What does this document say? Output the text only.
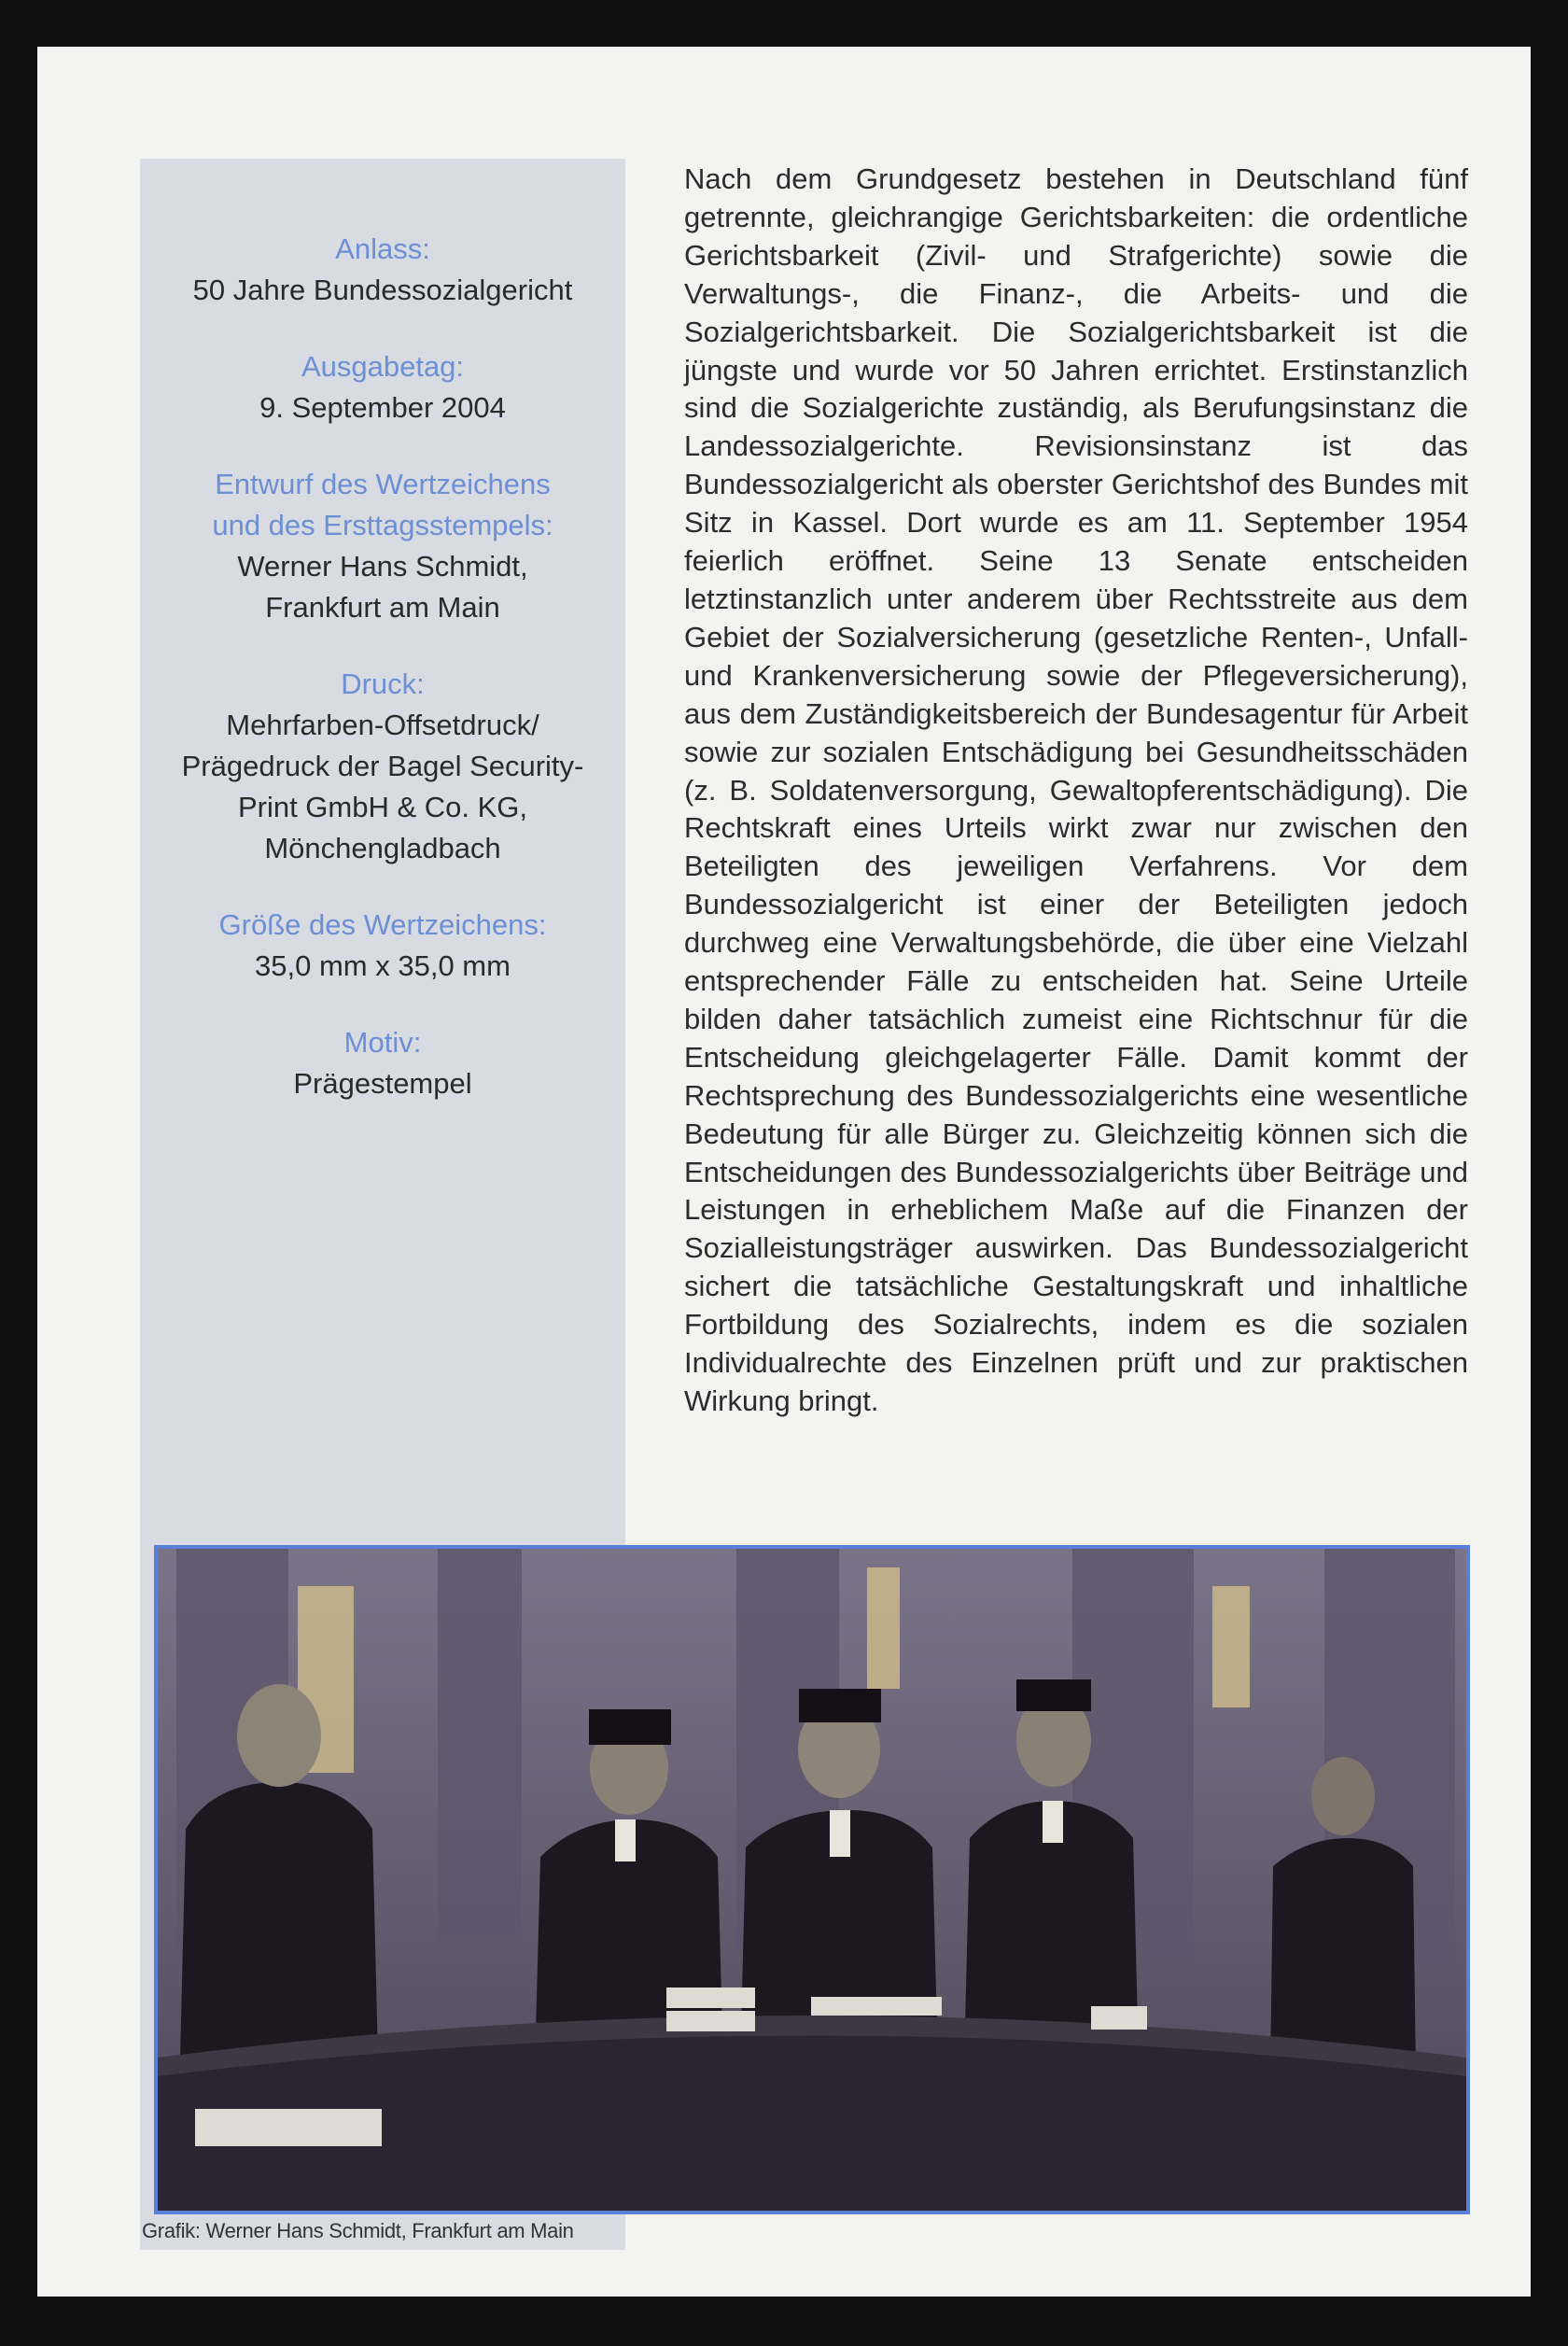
Anlass:
50 Jahre Bundessozialgericht
Ausgabetag:
9. September 2004
Entwurf des Wertzeichens
und des Ersttagsstempels:
Werner Hans Schmidt,
Frankfurt am Main
Druck:
Mehrfarben-Offsetdruck/
Prägedruck der Bagel Security-
Print GmbH & Co. KG,
Mönchengladbach
Größe des Wertzeichens:
35,0 mm x 35,0 mm
Motiv:
Prägestempel

Nach dem Grundgesetz bestehen in Deutschland fünf getrennte, gleichrangige Gerichtsbarkeiten: die ordentliche Gerichtsbarkeit (Zivil- und Strafgerichte) sowie die Verwaltungs-, die Finanz-, die Arbeits- und die Sozialgerichtsbarkeit. Die Sozialgerichtsbarkeit ist die jüngste und wurde vor 50 Jahren errichtet. Erstinstanzlich sind die Sozialgerichte zuständig, als Berufungsinstanz die Landessozialgerichte. Revisionsinstanz ist das Bundessozialgericht als oberster Gerichtshof des Bundes mit Sitz in Kassel. Dort wurde es am 11. September 1954 feierlich eröffnet. Seine 13 Senate entscheiden letztinstanzlich unter anderem über Rechtsstreite aus dem Gebiet der Sozialversicherung (gesetzliche Renten-, Unfall- und Krankenversicherung sowie der Pflegeversicherung), aus dem Zuständigkeitsbereich der Bundesagentur für Arbeit sowie zur sozialen Entschädigung bei Gesundheitsschäden (z. B. Soldatenversorgung, Gewaltopferentschädigung). Die Rechtskraft eines Urteils wirkt zwar nur zwischen den Beteiligten des jeweiligen Verfahrens. Vor dem Bundessozialgericht ist einer der Beteiligten jedoch durchweg eine Verwaltungsbehörde, die über eine Vielzahl entsprechender Fälle zu entscheiden hat. Seine Urteile bilden daher tatsächlich zumeist eine Richtschnur für die Entscheidung gleichgelagerter Fälle. Damit kommt der Rechtsprechung des Bundessozialgerichts eine wesentliche Bedeutung für alle Bürger zu. Gleichzeitig können sich die Entscheidungen des Bundessozialgerichts über Beiträge und Leistungen in erheblichem Maße auf die Finanzen der Sozialleistungsträger auswirken. Das Bundessozialgericht sichert die tatsächliche Gestaltungskraft und inhaltliche Fortbildung des Sozialrechts, indem es die sozialen Individualrechte des Einzelnen prüft und zur praktischen Wirkung bringt.

Grafik: Werner Hans Schmidt, Frankfurt am Main
